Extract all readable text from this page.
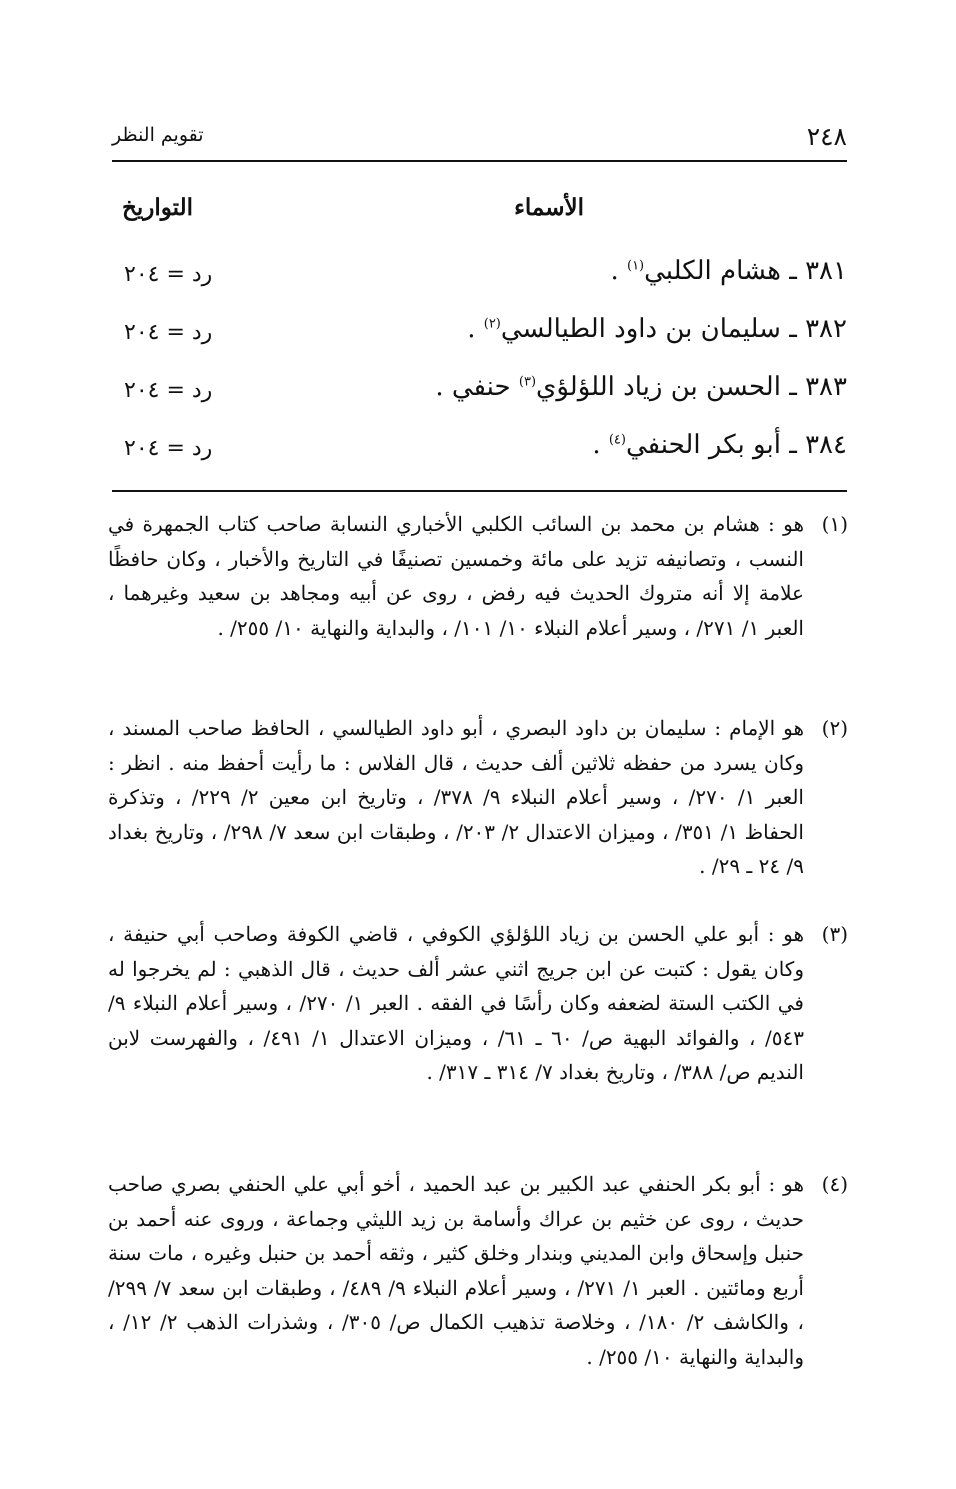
٢٤٨
تقويم النظر
الأسماء
التواريخ
٣٨١ ـ هشام الكلبي$^{(١)}$ .
رد = ٢٠٤
٣٨٢ ـ سليمان بن داود الطيالسي$^{(٢)}$ .
رد = ٢٠٤
٣٨٣ ـ الحسن بن زياد اللؤلؤي$^{(٣)}$ حنفي .
رد = ٢٠٤
٣٨٤ ـ أبو بكر الحنفي$^{(٤)}$ .
رد = ٢٠٤
(١)
هو : هشام بن محمد بن السائب الكلبي الأخباري النسابة صاحب كتاب الجمهرة في النسب ، وتصانيفه تزيد على مائة وخمسين تصنيفًا في التاريخ والأخبار ، وكان حافظًا علامة إلا أنه متروك الحديث فيه رفض ، روى عن أبيه ومجاهد بن سعيد وغيرهما ، العبر ١/ ٢٧١/ ، وسير أعلام النبلاء ١٠/ ١٠١/ ، والبداية والنهاية ١٠/ ٢٥٥/ .
(٢)
هو الإمام : سليمان بن داود البصري ، أبو داود الطيالسي ، الحافظ صاحب المسند ، وكان يسرد من حفظه ثلاثين ألف حديث ، قال الفلاس : ما رأيت أحفظ منه . انظر : العبر ١/ ٢٧٠/ ، وسير أعلام النبلاء ٩/ ٣٧٨/ ، وتاريخ ابن معين ٢/ ٢٢٩/ ، وتذكرة الحفاظ ١/ ٣٥١/ ، وميزان الاعتدال ٢/ ٢٠٣/ ، وطبقات ابن سعد ٧/ ٢٩٨/ ، وتاريخ بغداد ٩/ ٢٤ ـ ٢٩/ .
(٣)
هو : أبو علي الحسن بن زياد اللؤلؤي الكوفي ، قاضي الكوفة وصاحب أبي حنيفة ، وكان يقول : كتبت عن ابن جريج اثني عشر ألف حديث ، قال الذهبي : لم يخرجوا له في الكتب الستة لضعفه وكان رأسًا في الفقه . العبر ١/ ٢٧٠/ ، وسير أعلام النبلاء ٩/ ٥٤٣/ ، والفوائد البهية ص/ ٦٠ ـ ٦١/ ، وميزان الاعتدال ١/ ٤٩١/ ، والفهرست لابن النديم ص/ ٣٨٨/ ، وتاريخ بغداد ٧/ ٣١٤ ـ ٣١٧/ .
(٤)
هو : أبو بكر الحنفي عبد الكبير بن عبد الحميد ، أخو أبي علي الحنفي بصري صاحب حديث ، روى عن خثيم بن عراك وأسامة بن زيد الليثي وجماعة ، وروى عنه أحمد بن حنبل وإسحاق وابن المديني وبندار وخلق كثير ، وثقه أحمد بن حنبل وغيره ، مات سنة أربع ومائتين . العبر ١/ ٢٧١/ ، وسير أعلام النبلاء ٩/ ٤٨٩/ ، وطبقات ابن سعد ٧/ ٢٩٩/ ، والكاشف ٢/ ١٨٠/ ، وخلاصة تذهيب الكمال ص/ ٣٠٥/ ، وشذرات الذهب ٢/ ١٢/ ، والبداية والنهاية ١٠/ ٢٥٥/ .
